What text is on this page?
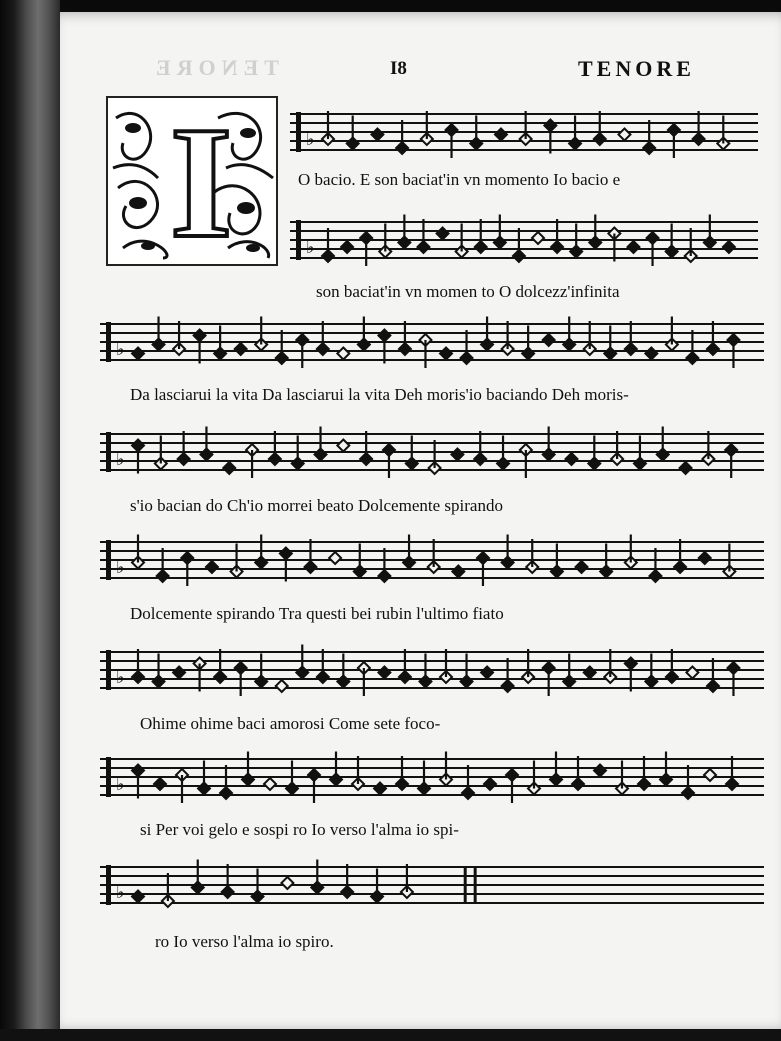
TENORE	I8	TENORE
I	♭
♭
♭
♭
♭
♭
♭
♭
O bacio. E son baciat'in vn momento Io bacio e
son baciat'in vn momen to O dolcezz'infinita
Da lasciarui la vita Da lasciarui la vita Deh moris'io baciando Deh moris-
s'io bacian do Ch'io morrei beato Dolcemente spirando
Dolcemente spirando Tra questi bei rubin l'ultimo fiato
Ohime ohime baci amorosi Come sete foco-
si Per voi gelo e sospi ro Io verso l'alma io spi-
ro Io verso l'alma io spiro.
